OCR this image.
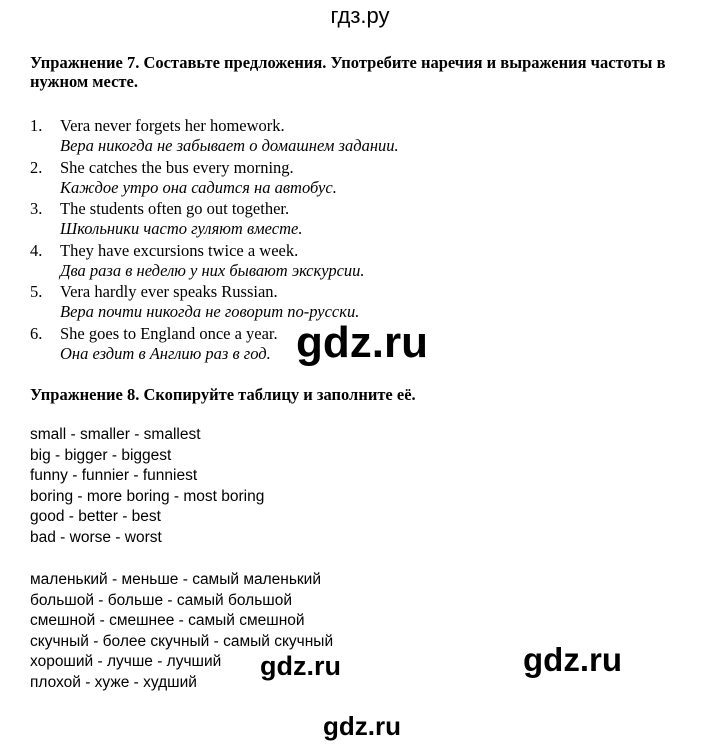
гдз.ру
Упражнение 7. Составьте предложения. Употребите наречия и выражения частоты в нужном месте.
1. Vera never forgets her homework.
Вера никогда не забывает о домашнем задании.
2. She catches the bus every morning.
Каждое утро она садится на автобус.
3. The students often go out together.
Школьники часто гуляют вместе.
4. They have excursions twice a week.
Два раза в неделю у них бывают экскурсии.
5. Vera hardly ever speaks Russian.
Вера почти никогда не говорит по-русски.
6. She goes to England once a year.
Она ездит в Англию раз в год. gdz.ru
Упражнение 8. Скопируйте таблицу и заполните её.
small - smaller - smallest
big - bigger - biggest
funny - funnier - funniest
boring - more boring - most boring
good - better - best
bad - worse - worst
маленький - меньше - самый маленький
большой - больше - самый большой
смешной - смешнее - самый смешной
скучный - более скучный - самый скучный
хороший - лучше - лучший
плохой - хуже - худший
gdz.ru	gdz.ru
gdz.ru
